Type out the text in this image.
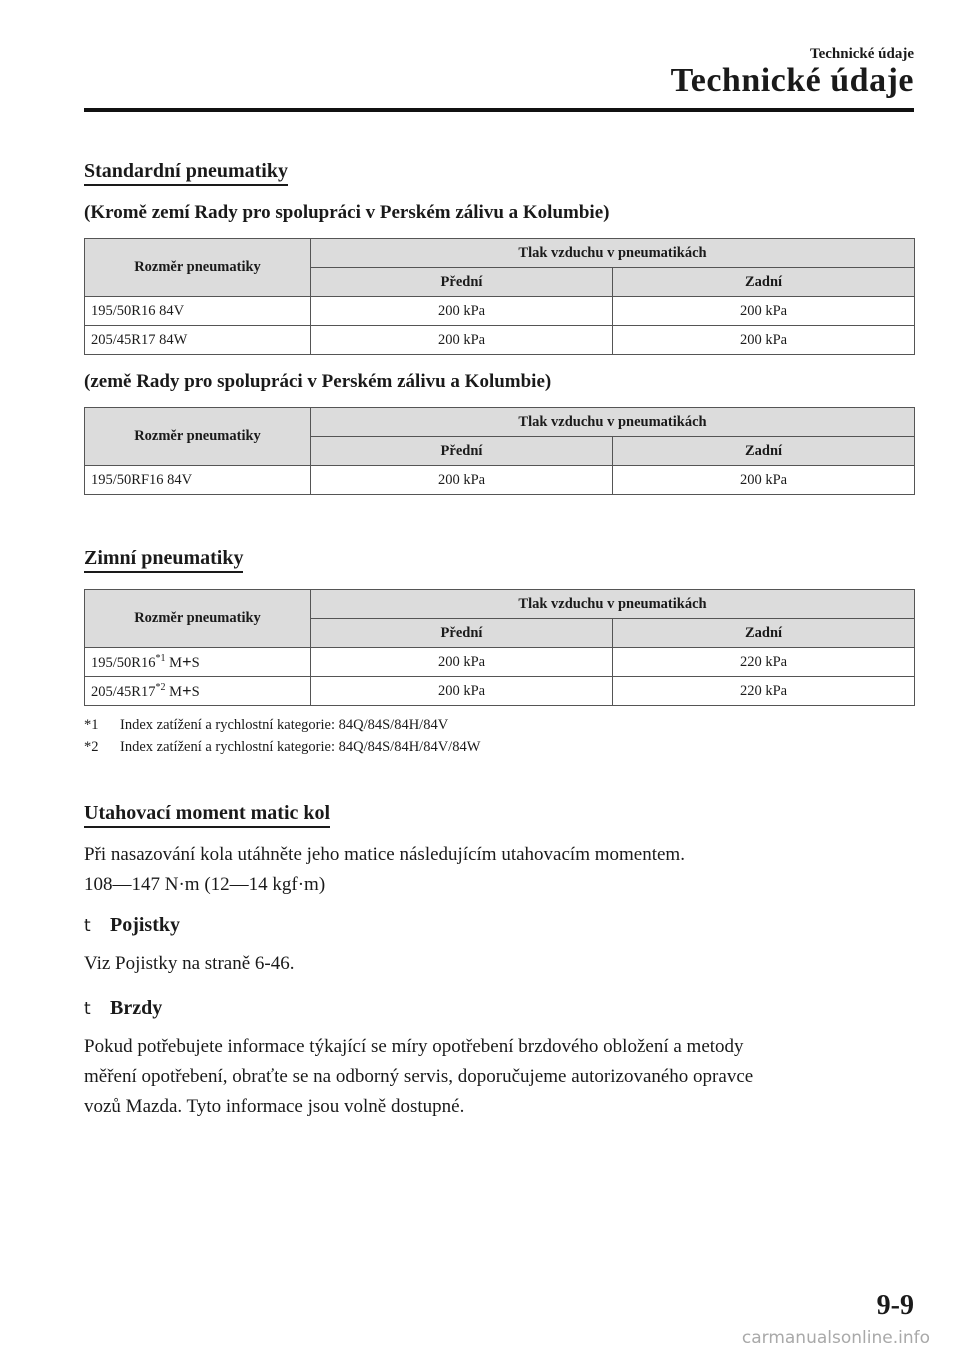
Technické údaje
Technické údaje
Standardní pneumatiky
(Kromě zemí Rady pro spolupráci v Perském zálivu a Kolumbie)
Rozměr pneumatiky	Tlak vzduchu v pneumatikách	
	Přední	Zadní
195/50R16 84V	200 kPa	200 kPa
205/45R17 84W	200 kPa	200 kPa
(země Rady pro spolupráci v Perském zálivu a Kolumbie)
Rozměr pneumatiky	Tlak vzduchu v pneumatikách	
	Přední	Zadní
195/50RF16 84V	200 kPa	200 kPa
Zimní pneumatiky
Rozměr pneumatiky	Tlak vzduchu v pneumatikách	
	Přední	Zadní
195/50R16$^{*1}$ M+S	200 kPa	220 kPa
205/45R17$^{*2}$ M+S	200 kPa	220 kPa
*1 Index zatížení a rychlostní kategorie: 84Q/84S/84H/84V
*2 Index zatížení a rychlostní kategorie: 84Q/84S/84H/84V/84W
Utahovací moment matic kol
Při nasazování kola utáhněte jeho matice následujícím utahovacím momentem.
108―147 N·m (12―14 kgf·m)
t Pojistky
Viz Pojistky na straně 6-46.
t Brzdy
Pokud potřebujete informace týkající se míry opotřebení brzdového obložení a metody
měření opotřebení, obraťte se na odborný servis, doporučujeme autorizovaného opravce
vozů Mazda. Tyto informace jsou volně dostupné.
9-9
carmanualsonline.info
